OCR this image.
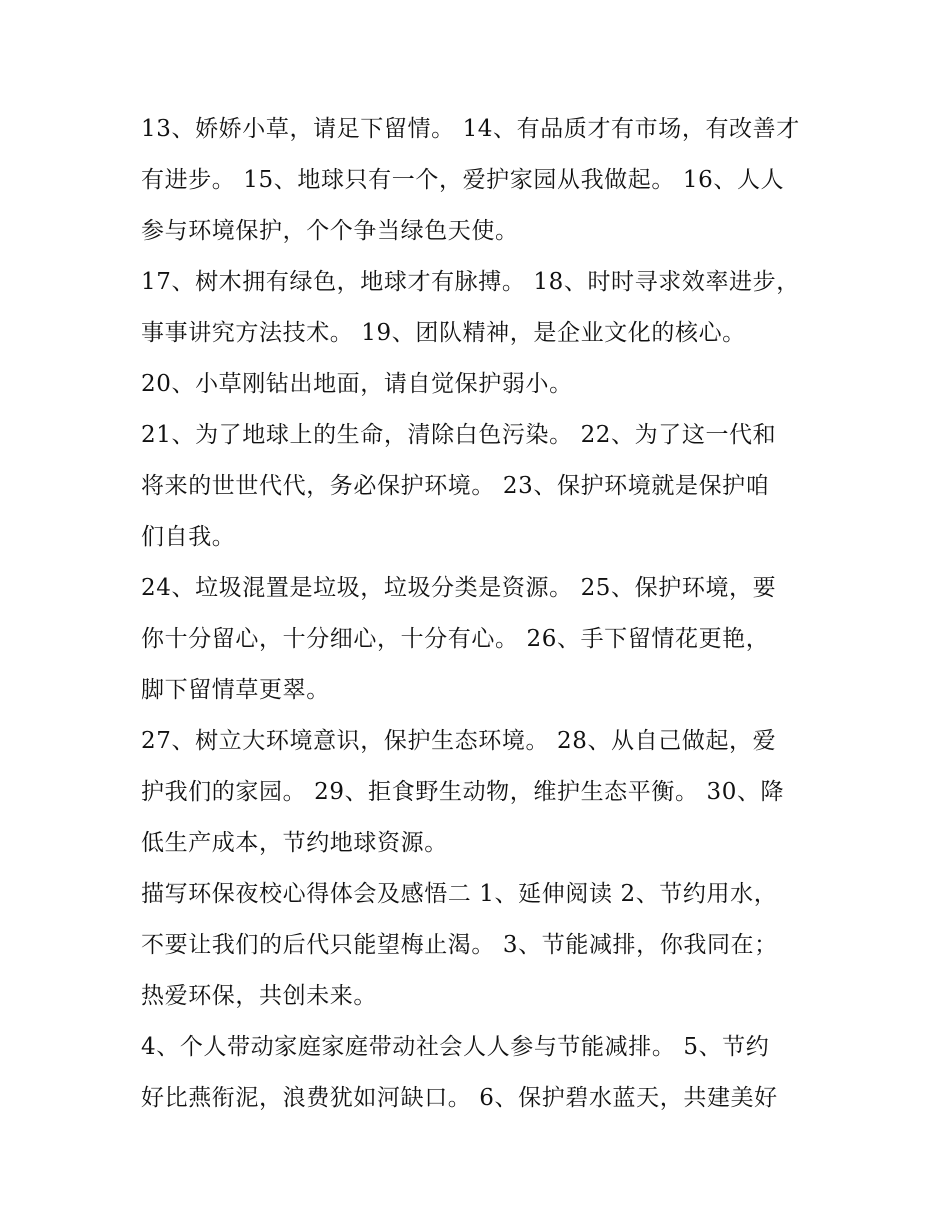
13、娇娇小草，请足下留情。 14、有品质才有市场，有改善才
有进步。 15、地球只有一个，爱护家园从我做起。 16、人人
参与环境保护，个个争当绿色天使。
17、树木拥有绿色，地球才有脉搏。 18、时时寻求效率进步，
事事讲究方法技术。 19、团队精神，是企业文化的核心。
20、小草刚钻出地面，请自觉保护弱小。
21、为了地球上的生命，清除白色污染。 22、为了这一代和
将来的世世代代，务必保护环境。 23、保护环境就是保护咱
们自我。
24、垃圾混置是垃圾，垃圾分类是资源。 25、保护环境，要
你十分留心，十分细心，十分有心。 26、手下留情花更艳，
脚下留情草更翠。
27、树立大环境意识，保护生态环境。 28、从自己做起，爱
护我们的家园。 29、拒食野生动物，维护生态平衡。 30、降
低生产成本，节约地球资源。
描写环保夜校心得体会及感悟二 1、延伸阅读 2、节约用水，
不要让我们的后代只能望梅止渴。 3、节能减排，你我同在；
热爱环保，共创未来。
4、个人带动家庭家庭带动社会人人参与节能减排。 5、节约
好比燕衔泥，浪费犹如河缺口。 6、保护碧水蓝天，共建美好
